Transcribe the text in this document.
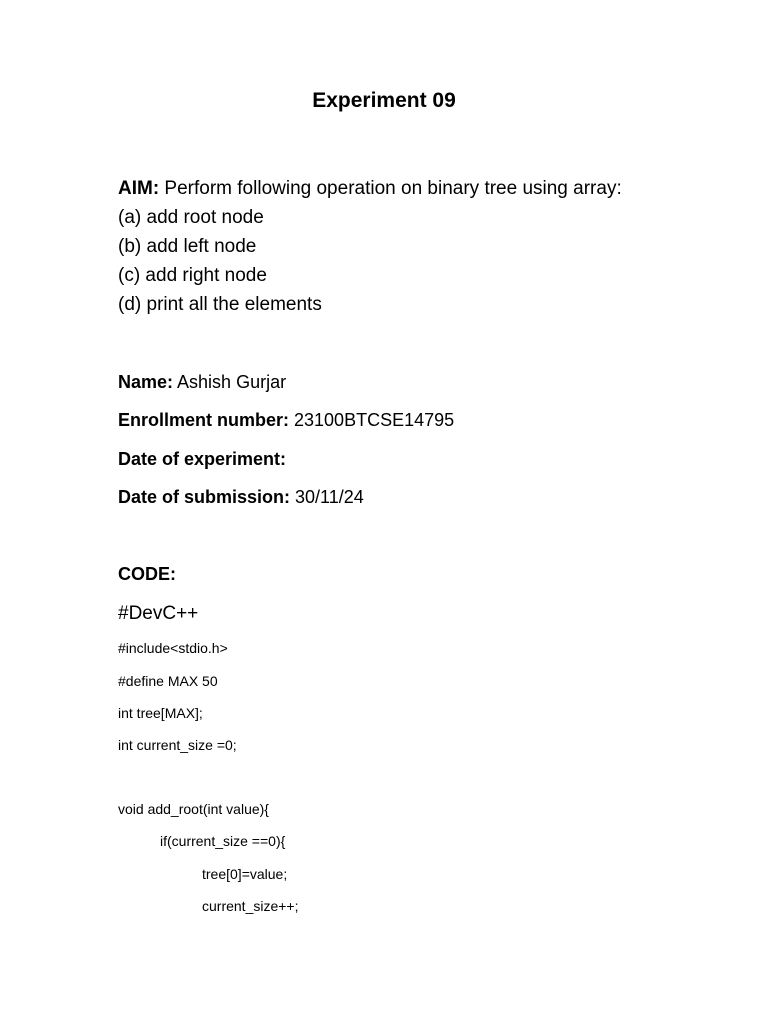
Experiment 09
AIM: Perform following operation on binary tree using array:
(a) add root node
(b) add left node
(c) add right node
(d) print all the elements
Name: Ashish Gurjar
Enrollment number: 23100BTCSE14795
Date of experiment:
Date of submission: 30/11/24
CODE:
#DevC++
#include<stdio.h>
#define MAX 50
int tree[MAX];
int current_size =0;
void add_root(int value){
if(current_size ==0){
tree[0]=value;
current_size++;
